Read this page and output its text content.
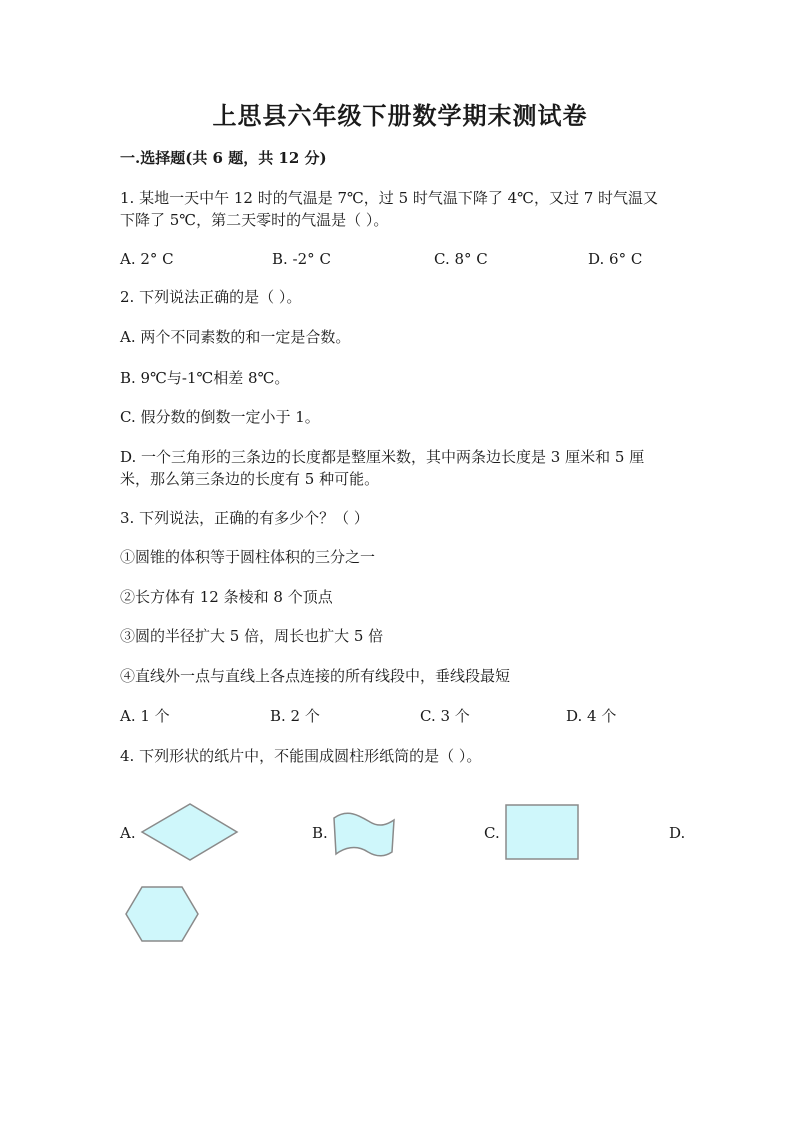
上思县六年级下册数学期末测试卷
一.选择题(共 6 题，共 12 分)
1. 某地一天中午 12 时的气温是 7℃，过 5 时气温下降了 4℃，又过 7 时气温又
下降了 5℃，第二天零时的气温是（ ）。
A. 2° C	B. -2° C	C. 8° C	D. 6° C
2. 下列说法正确的是（ ）。
A. 两个不同素数的和一定是合数。
B. 9℃与-1℃相差 8℃。
C. 假分数的倒数一定小于 1。
D. 一个三角形的三条边的长度都是整厘米数，其中两条边长度是 3 厘米和 5 厘
米，那么第三条边的长度有 5 种可能。
3. 下列说法，正确的有多少个？（ ）
①圆锥的体积等于圆柱体积的三分之一
②长方体有 12 条棱和 8 个顶点
③圆的半径扩大 5 倍，周长也扩大 5 倍
④直线外一点与直线上各点连接的所有线段中，垂线段最短
A. 1 个	B. 2 个	C. 3 个	D. 4 个
4. 下列形状的纸片中，不能围成圆柱形纸筒的是（ ）。
A.	B.	C.	D.
